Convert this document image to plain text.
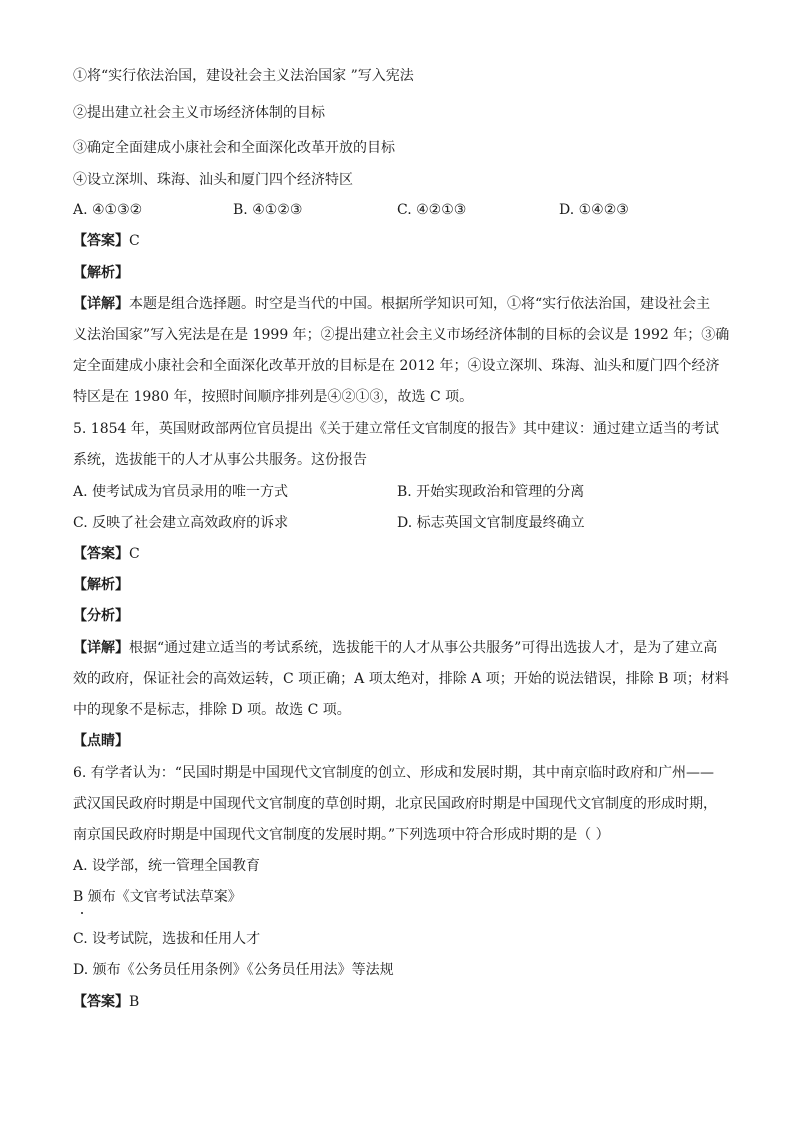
①将“实行依法治国，建设社会主义法治国家 ”写入宪法
②提出建立社会主义市场经济体制的目标
③确定全面建成小康社会和全面深化改革开放的目标
④设立深圳、珠海、汕头和厦门四个经济特区
A. ④①③②	B. ④①②③	C. ④②①③	D. ①④②③
【答案】C
【解析】
【详解】本题是组合选择题。时空是当代的中国。根据所学知识可知，①将“实行依法治国，建设社会主
义法治国家”写入宪法是在是 1999 年；②提出建立社会主义市场经济体制的目标的会议是 1992 年；③确
定全面建成小康社会和全面深化改革开放的目标是在 2012 年；④设立深圳、珠海、汕头和厦门四个经济
特区是在 1980 年，按照时间顺序排列是④②①③，故选 C 项。
5. 1854 年，英国财政部两位官员提出《关于建立常任文官制度的报告》其中建议：通过建立适当的考试
系统，选拔能干的人才从事公共服务。这份报告
A. 使考试成为官员录用的唯一方式	B. 开始实现政治和管理的分离
C. 反映了社会建立高效政府的诉求	D. 标志英国文官制度最终确立
【答案】C
【解析】
【分析】
【详解】根据“通过建立适当的考试系统，选拔能干的人才从事公共服务”可得出选拔人才，是为了建立高
效的政府，保证社会的高效运转，C 项正确；A 项太绝对，排除 A 项；开始的说法错误，排除 B 项；材料
中的现象不是标志，排除 D 项。故选 C 项。
【点睛】
6. 有学者认为：“民国时期是中国现代文官制度的创立、形成和发展时期，其中南京临时政府和广州——
武汉国民政府时期是中国现代文官制度的草创时期，北京民国政府时期是中国现代文官制度的形成时期，
南京国民政府时期是中国现代文官制度的发展时期。”下列选项中符合形成时期的是（ ）
A. 设学部，统一管理全国教育
B 颁布《文官考试法草案》
C. 设考试院，选拔和任用人才
D. 颁布《公务员任用条例》《公务员任用法》等法规
【答案】B
